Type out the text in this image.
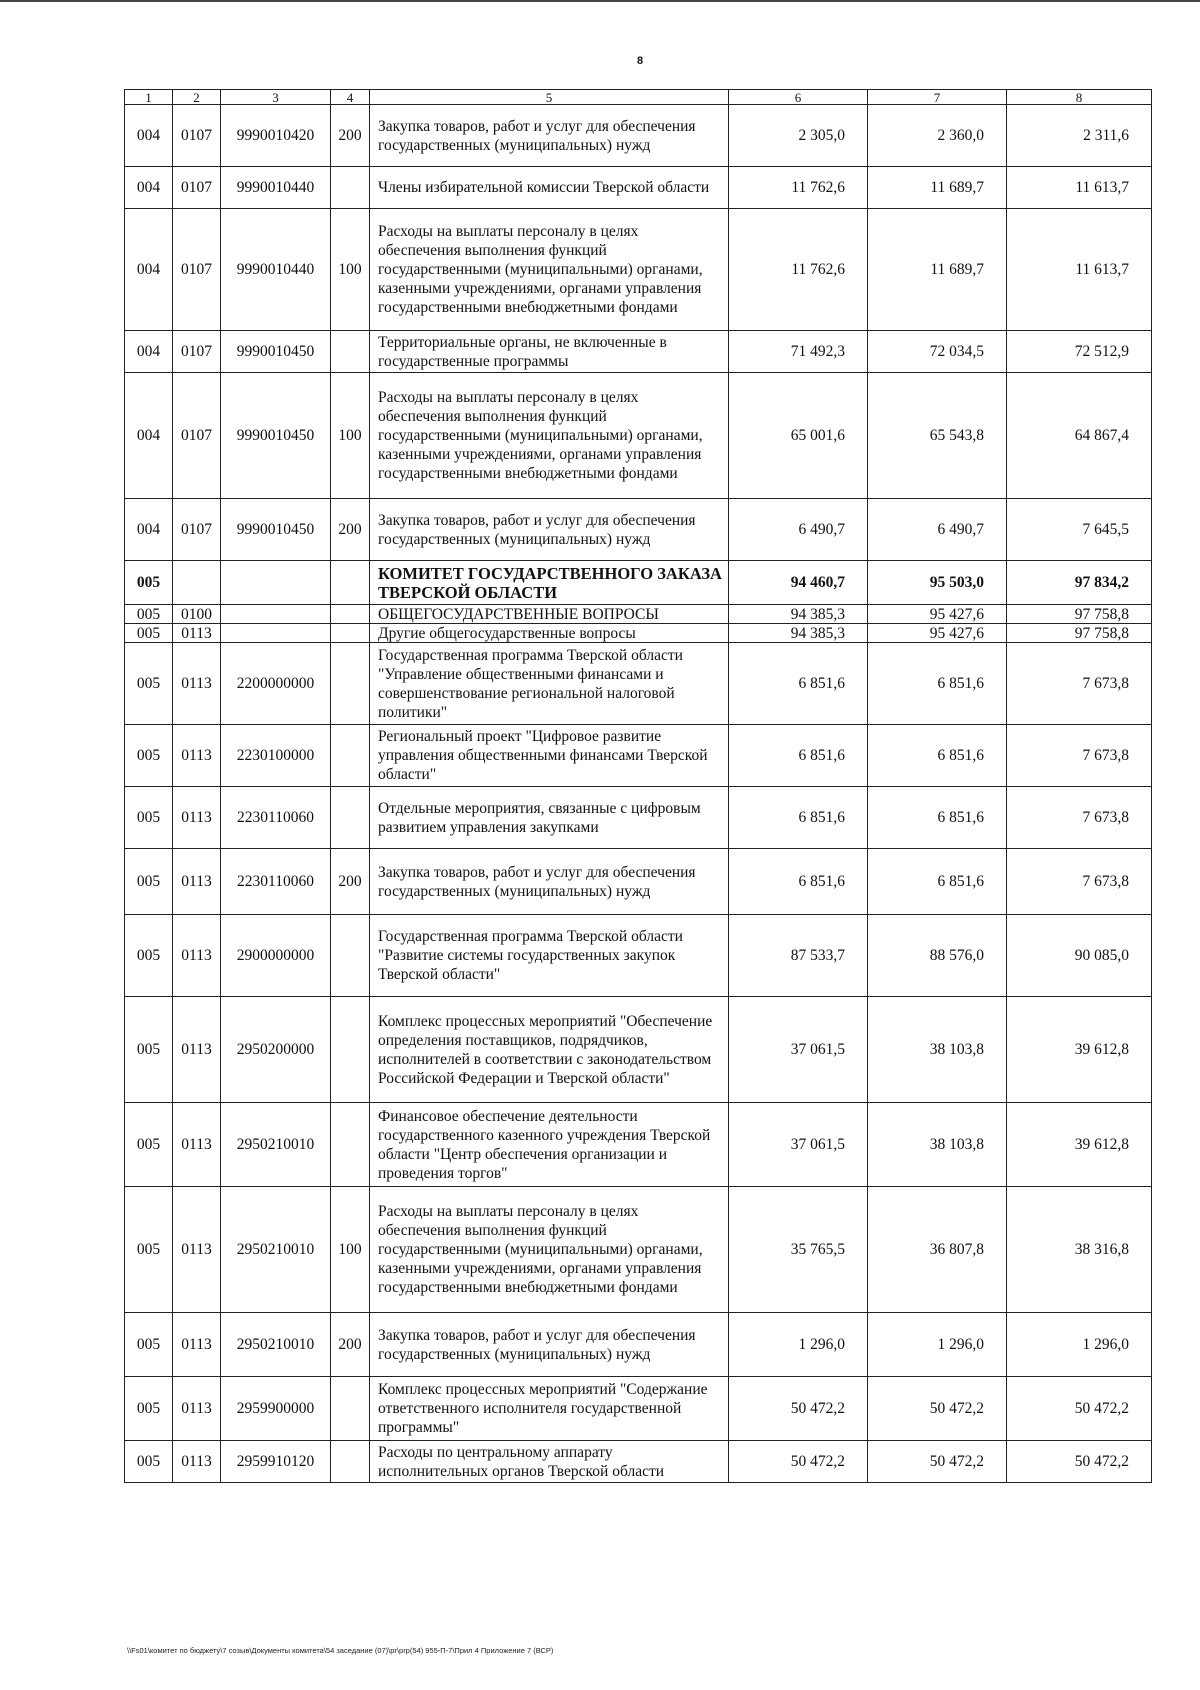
8
1	2	3	4	5	6	7	8
004	0107	9990010420	200	Закупка товаров, работ и услуг для обеспечения государственных (муниципальных) нужд	2 305,0	2 360,0	2 311,6
004	0107	9990010440		Члены избирательной комиссии Тверской области	11 762,6	11 689,7	11 613,7
004	0107	9990010440	100	Расходы на выплаты персоналу в целях обеспечения выполнения функций государственными (муниципальными) органами, казенными учреждениями, органами управления государственными внебюджетными фондами	11 762,6	11 689,7	11 613,7
004	0107	9990010450		Территориальные органы, не включенные в государственные программы	71 492,3	72 034,5	72 512,9
004	0107	9990010450	100	Расходы на выплаты персоналу в целях обеспечения выполнения функций государственными (муниципальными) органами, казенными учреждениями, органами управления государственными внебюджетными фондами	65 001,6	65 543,8	64 867,4
004	0107	9990010450	200	Закупка товаров, работ и услуг для обеспечения государственных (муниципальных) нужд	6 490,7	6 490,7	7 645,5
005				КОМИТЕТ ГОСУДАРСТВЕННОГО ЗАКАЗА ТВЕРСКОЙ ОБЛАСТИ	94 460,7	95 503,0	97 834,2
005	0100			ОБЩЕГОСУДАРСТВЕННЫЕ ВОПРОСЫ	94 385,3	95 427,6	97 758,8
005	0113			Другие общегосударственные вопросы	94 385,3	95 427,6	97 758,8
005	0113	2200000000		Государственная программа Тверской области "Управление общественными финансами и совершенствование региональной налоговой политики"	6 851,6	6 851,6	7 673,8
005	0113	2230100000		Региональный проект "Цифровое развитие управления общественными финансами Тверской области"	6 851,6	6 851,6	7 673,8
005	0113	2230110060		Отдельные мероприятия, связанные с цифровым развитием управления закупками	6 851,6	6 851,6	7 673,8
005	0113	2230110060	200	Закупка товаров, работ и услуг для обеспечения государственных (муниципальных) нужд	6 851,6	6 851,6	7 673,8
005	0113	2900000000		Государственная программа Тверской области "Развитие системы государственных закупок Тверской области"	87 533,7	88 576,0	90 085,0
005	0113	2950200000		Комплекс процессных мероприятий "Обеспечение определения поставщиков, подрядчиков, исполнителей в соответствии с законодательством Российской Федерации и Тверской области"	37 061,5	38 103,8	39 612,8
005	0113	2950210010		Финансовое обеспечение деятельности государственного казенного учреждения Тверской области "Центр обеспечения организации и проведения торгов"	37 061,5	38 103,8	39 612,8
005	0113	2950210010	100	Расходы на выплаты персоналу в целях обеспечения выполнения функций государственными (муниципальными) органами, казенными учреждениями, органами управления государственными внебюджетными фондами	35 765,5	36 807,8	38 316,8
005	0113	2950210010	200	Закупка товаров, работ и услуг для обеспечения государственных (муниципальных) нужд	1 296,0	1 296,0	1 296,0
005	0113	2959900000		Комплекс процессных мероприятий "Содержание ответственного исполнителя государственной программы"	50 472,2	50 472,2	50 472,2
005	0113	2959910120		Расходы по центральному аппарату исполнительных органов Тверской области	50 472,2	50 472,2	50 472,2
\\Fs01\комитет по бюджету\7 созыв\Документы комитета\54 заседание (07)\pr\prp(54) 955-П-7\Прил 4 Приложение 7 (ВСР)
